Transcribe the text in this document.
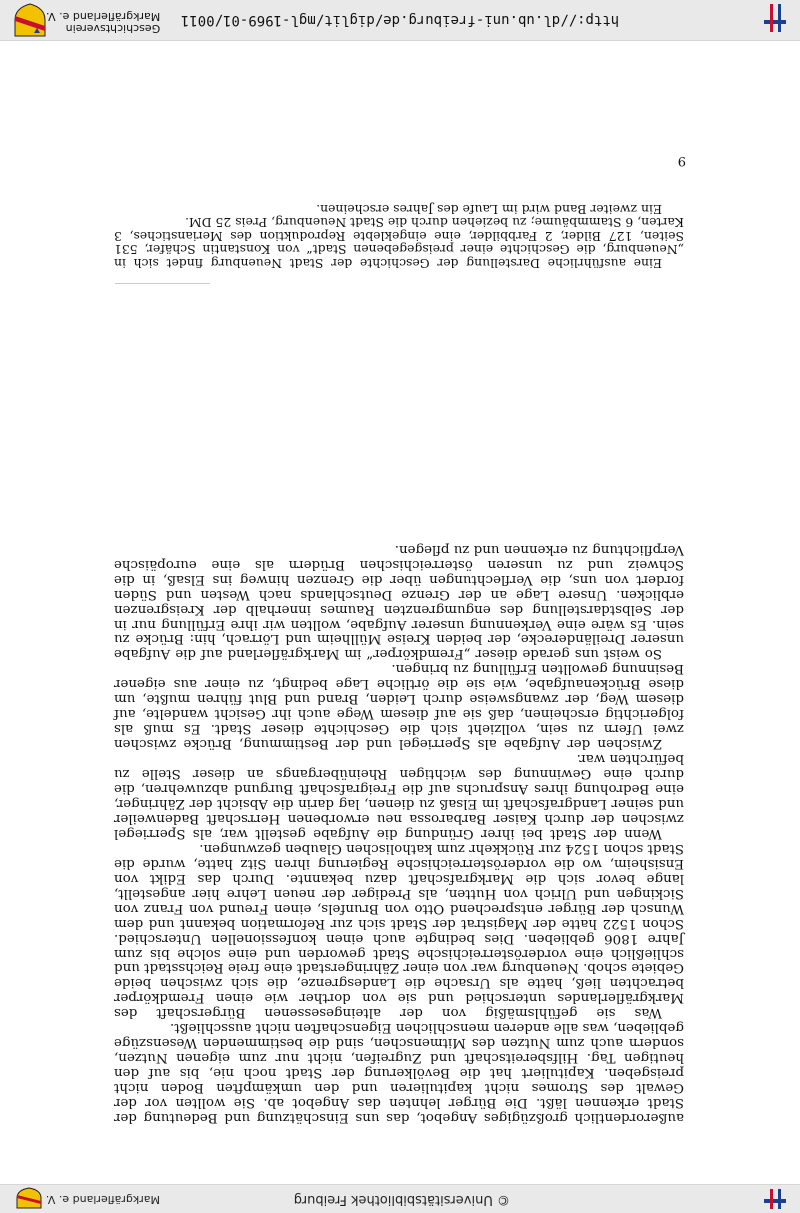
© Universitätsbibliothek Freiburg
Markgräflerland e. V.

außerordentlich großzügiges Angebot, das uns Einschätzung und Bedeutung der Stadt erkennen läßt. Die Bürger lehnten das Angebot ab. Sie wollten vor der Gewalt des Stromes nicht kapitulieren und den umkämpften Boden nicht preisgeben. Kapituliert hat die Bevölkerung der Stadt noch nie, bis auf den heutigen Tag. Hilfsbereitschaft und Zugreifen, nicht nur zum eigenen Nutzen, sondern auch zum Nutzen des Mitmenschen, sind die bestimmenden Wesenszüge geblieben, was alle anderen menschlichen Eigenschaften nicht ausschließt.

Was sie gefühlsmäßig von der alteingesessenen Bürgerschaft des Markgräflerlandes unterschied und sie von dorther wie einen Fremdkörper betrachten ließ, hatte als Ursache die Landesgrenze, die sich zwischen beide Gebiete schob. Neuenburg war von einer Zähringerstadt eine freie Reichsstadt und schließlich eine vorderösterreichische Stadt geworden und eine solche bis zum Jahre 1806 geblieben. Dies bedingte auch einen konfessionellen Unterschied. Schon 1522 hatte der Magistrat der Stadt sich zur Reformation bekannt und dem Wunsch der Bürger entsprechend Otto von Brunfels, einen Freund von Franz von Sickingen und Ulrich von Hutten, als Prediger der neuen Lehre hier angestellt, lange bevor sich die Markgrafschaft dazu bekannte. Durch das Edikt von Ensisheim, wo die vorderösterreichische Regierung ihren Sitz hatte, wurde die Stadt schon 1524 zur Rückkehr zum katholischen Glauben gezwungen.

Wenn der Stadt bei ihrer Gründung die Aufgabe gestellt war, als Sperriegel zwischen der durch Kaiser Barbarossa neu erworbenen Herrschaft Badenweiler und seiner Landgrafschaft im Elsaß zu dienen, lag darin die Absicht der Zähringer, eine Bedrohung ihres Anspruchs auf die Freigrafschaft Burgund abzuwehren, die durch eine Gewinnung des wichtigen Rheinübergangs an dieser Stelle zu befürchten war.

Zwischen der Aufgabe als Sperriegel und der Bestimmung, Brücke zwischen zwei Ufern zu sein, vollzieht sich die Geschichte dieser Stadt. Es muß als folgerichtig erscheinen, daß sie auf diesem Wege auch ihr Gesicht wandelte, auf diesem Weg, der zwangsweise durch Leiden, Brand und Blut führen mußte, um diese Brückenaufgabe, wie sie die örtliche Lage bedingt, zu einer aus eigener Besinnung gewollten Erfüllung zu bringen.

So weist uns gerade dieser „Fremdkörper“ im Markgräflerland auf die Aufgabe unserer Dreiländerecke, der beiden Kreise Müllheim und Lörrach, hin: Brücke zu sein. Es wäre eine Verkennung unserer Aufgabe, wollten wir ihre Erfüllung nur in der Selbstdarstellung des engumgrenzten Raumes innerhalb der Kreisgrenzen erblicken. Unsere Lage an der Grenze Deutschlands nach Westen und Süden fordert von uns, die Verflechtungen über die Grenzen hinweg ins Elsaß, in die Schweiz und zu unseren österreichischen Brüdern als eine europäische Verpflichtung zu erkennen und zu pflegen.

Eine ausführliche Darstellung der Geschichte der Stadt Neuenburg findet sich in „Neuenburg, die Geschichte einer preisgegebenen Stadt“ von Konstantin Schäfer, 531 Seiten, 127 Bilder, 2 Farbbilder, eine eingeklebte Reproduktion des Merianstiches, 3 Karten, 6 Stammbäume; zu beziehen durch die Stadt Neuenburg, Preis 25 DM.

Ein zweiter Band wird im Laufe des Jahres erscheinen.

9
http://dl.ub.uni-freiburg.de/diglit/mgl-1969-01/0011
Geschichtsverein
Markgräflerland e. V.
